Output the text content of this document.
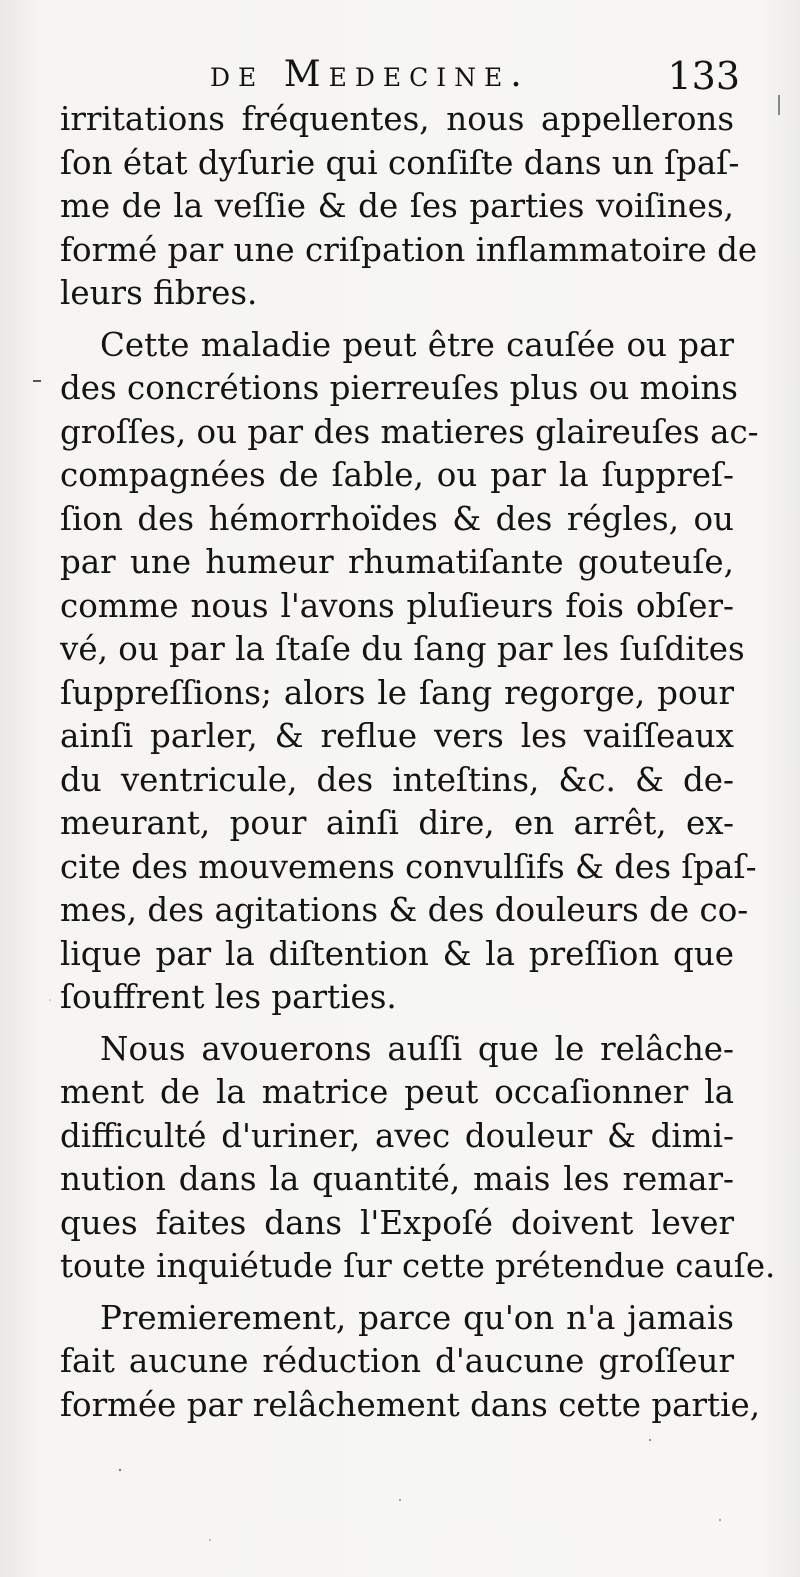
de Medecine.	133
irritations fréquentes, nous appellerons
ſon état dyſurie qui conſiſte dans un ſpaſ-
me de la veſſie & de ſes parties voiſines,
formé par une criſpation inflammatoire de
leurs fibres.
Cette maladie peut être cauſée ou par
des concrétions pierreuſes plus ou moins
groſſes, ou par des matieres glaireuſes ac-
compagnées de ſable, ou par la ſuppreſ-
ſion des hémorrhoïdes & des régles, ou
par une humeur rhumatiſante gouteuſe,
comme nous l'avons pluſieurs fois obſer-
vé, ou par la ſtaſe du ſang par les ſuſdites
ſuppreſſions; alors le ſang regorge, pour
ainſi parler, & reflue vers les vaiſſeaux
du ventricule, des inteſtins, &c. & de-
meurant, pour ainſi dire, en arrêt, ex-
cite des mouvemens convulſifs & des ſpaſ-
mes, des agitations & des douleurs de co-
lique par la diſtention & la preſſion que
ſouffrent les parties.
Nous avouerons auſſi que le relâche-
ment de la matrice peut occaſionner la
difficulté d'uriner, avec douleur & dimi-
nution dans la quantité, mais les remar-
ques faites dans l'Expoſé doivent lever
toute inquiétude ſur cette prétendue cauſe.
Premierement, parce qu'on n'a jamais
fait aucune réduction d'aucune groſſeur
formée par relâchement dans cette partie,
